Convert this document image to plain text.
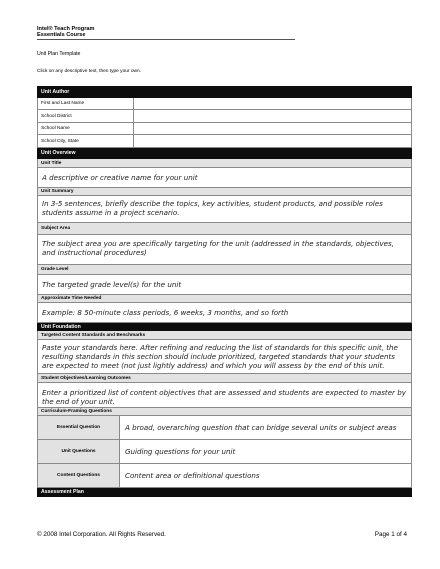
Intel® Teach Program
Essentials Course
Unit Plan Template
Click on any descriptive text, then type your own.
Unit Author
First and Last Name
School District
School Name
School City, State
Unit Overview
Unit Title
A descriptive or creative name for your unit
Unit Summary
In 3-5 sentences, briefly describe the topics, key activities, student products, and possible roles students assume in a project scenario.
Subject Area
The subject area you are specifically targeting for the unit (addressed in the standards, objectives, and instructional procedures)
Grade Level
The targeted grade level(s) for the unit
Approximate Time Needed
Example: 8 50-minute class periods, 6 weeks, 3 months, and so forth
Unit Foundation
Targeted Content Standards and Benchmarks
Paste your standards here. After refining and reducing the list of standards for this specific unit, the resulting standards in this section should include prioritized, targeted standards that your students are expected to meet (not just lightly address) and which you will assess by the end of this unit.
Student Objectives/Learning Outcomes
Enter a prioritized list of content objectives that are assessed and students are expected to master by the end of your unit.
Curriculum-Framing Questions
Essential Question	A broad, overarching question that can bridge several units or subject areas
Unit Questions	Guiding questions for your unit
Content Questions	Content area or definitional questions
Assessment Plan
© 2008 Intel Corporation. All Rights Reserved.	Page 1 of 4
